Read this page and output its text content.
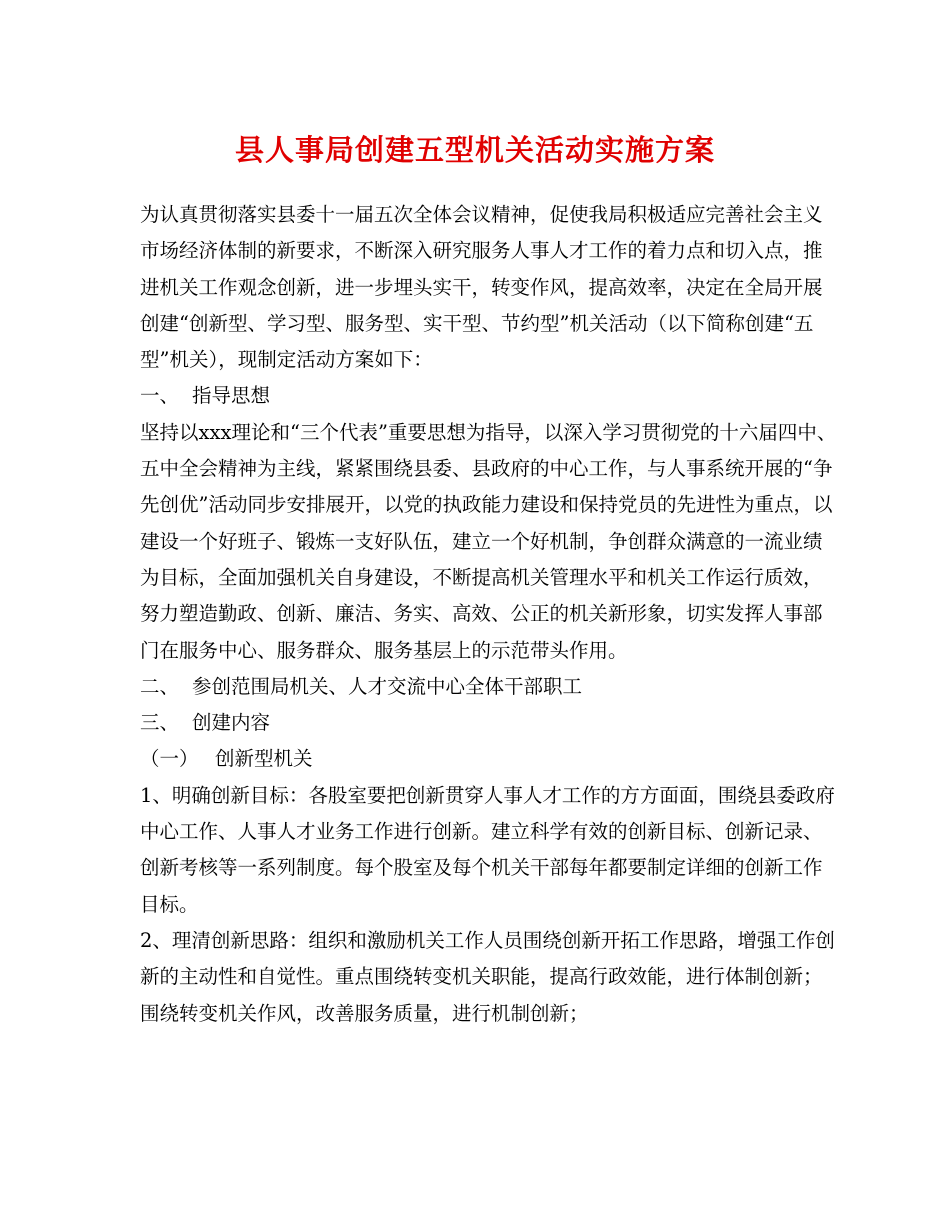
县人事局创建五型机关活动实施方案

为认真贯彻落实县委十一届五次全体会议精神，促使我局积极适应完善社会主义市场经济体制的新要求，不断深入研究服务人事人才工作的着力点和切入点，推进机关工作观念创新，进一步埋头实干，转变作风，提高效率，决定在全局开展创建“创新型、学习型、服务型、实干型、节约型”机关活动（以下简称创建“五型”机关），现制定活动方案如下：

一、 指导思想

坚持以xxx理论和“三个代表”重要思想为指导，以深入学习贯彻党的十六届四中、五中全会精神为主线，紧紧围绕县委、县政府的中心工作，与人事系统开展的“争先创优”活动同步安排展开，以党的执政能力建设和保持党员的先进性为重点，以建设一个好班子、锻炼一支好队伍，建立一个好机制，争创群众满意的一流业绩为目标，全面加强机关自身建设，不断提高机关管理水平和机关工作运行质效，努力塑造勤政、创新、廉洁、务实、高效、公正的机关新形象，切实发挥人事部门在服务中心、服务群众、服务基层上的示范带头作用。

二、 参创范围局机关、人才交流中心全体干部职工

三、 创建内容

（一） 创新型机关

1、明确创新目标：各股室要把创新贯穿人事人才工作的方方面面，围绕县委政府中心工作、人事人才业务工作进行创新。建立科学有效的创新目标、创新记录、创新考核等一系列制度。每个股室及每个机关干部每年都要制定详细的创新工作目标。

2、理清创新思路：组织和激励机关工作人员围绕创新开拓工作思路，增强工作创新的主动性和自觉性。重点围绕转变机关职能，提高行政效能，进行体制创新；围绕转变机关作风，改善服务质量，进行机制创新；
